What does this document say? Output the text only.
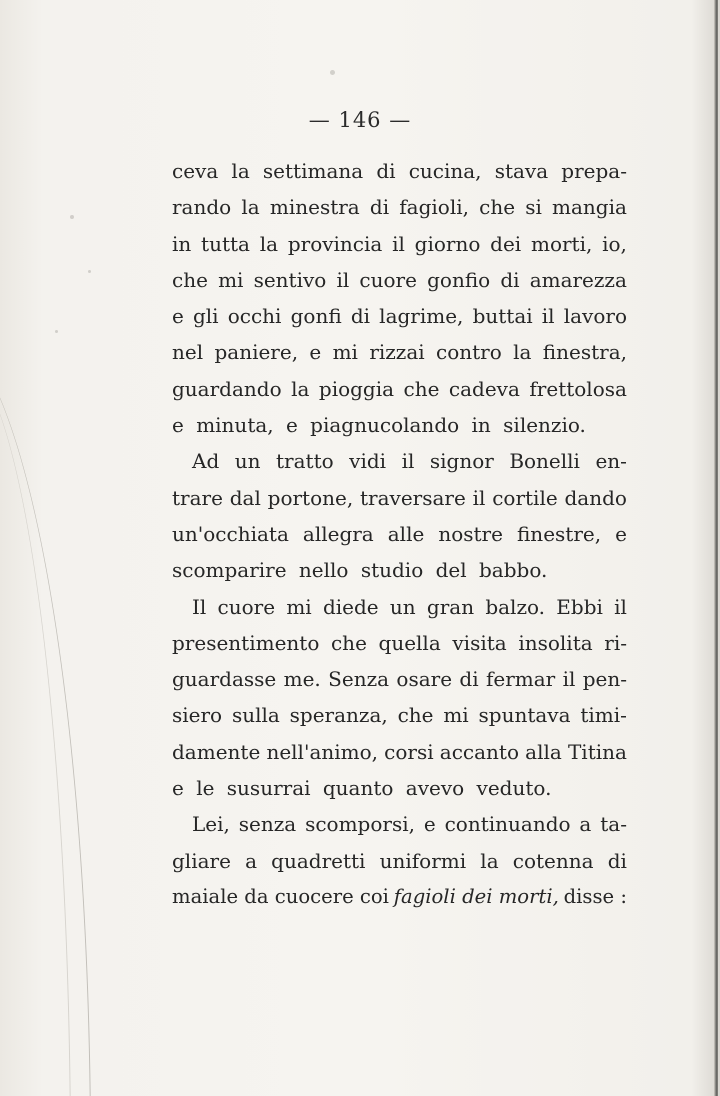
— 146 —
ceva la settimana di cucina, stava prepa-
rando la minestra di fagioli, che si mangia
in tutta la provincia il giorno dei morti, io,
che mi sentivo il cuore gonfio di amarezza
e gli occhi gonfi di lagrime, buttai il lavoro
nel paniere, e mi rizzai contro la finestra,
guardando la pioggia che cadeva frettolosa
e minuta, e piagnucolando in silenzio.
Ad un tratto vidi il signor Bonelli en-
trare dal portone, traversare il cortile dando
un'occhiata allegra alle nostre finestre, e
scomparire nello studio del babbo.
Il cuore mi diede un gran balzo. Ebbi il
presentimento che quella visita insolita ri-
guardasse me. Senza osare di fermar il pen-
siero sulla speranza, che mi spuntava timi-
damente nell'animo, corsi accanto alla Titina
e le susurrai quanto avevo veduto.
Lei, senza scomporsi, e continuando a ta-
gliare a quadretti uniformi la cotenna di
maiale da cuocere coi fagioli dei morti, disse :
